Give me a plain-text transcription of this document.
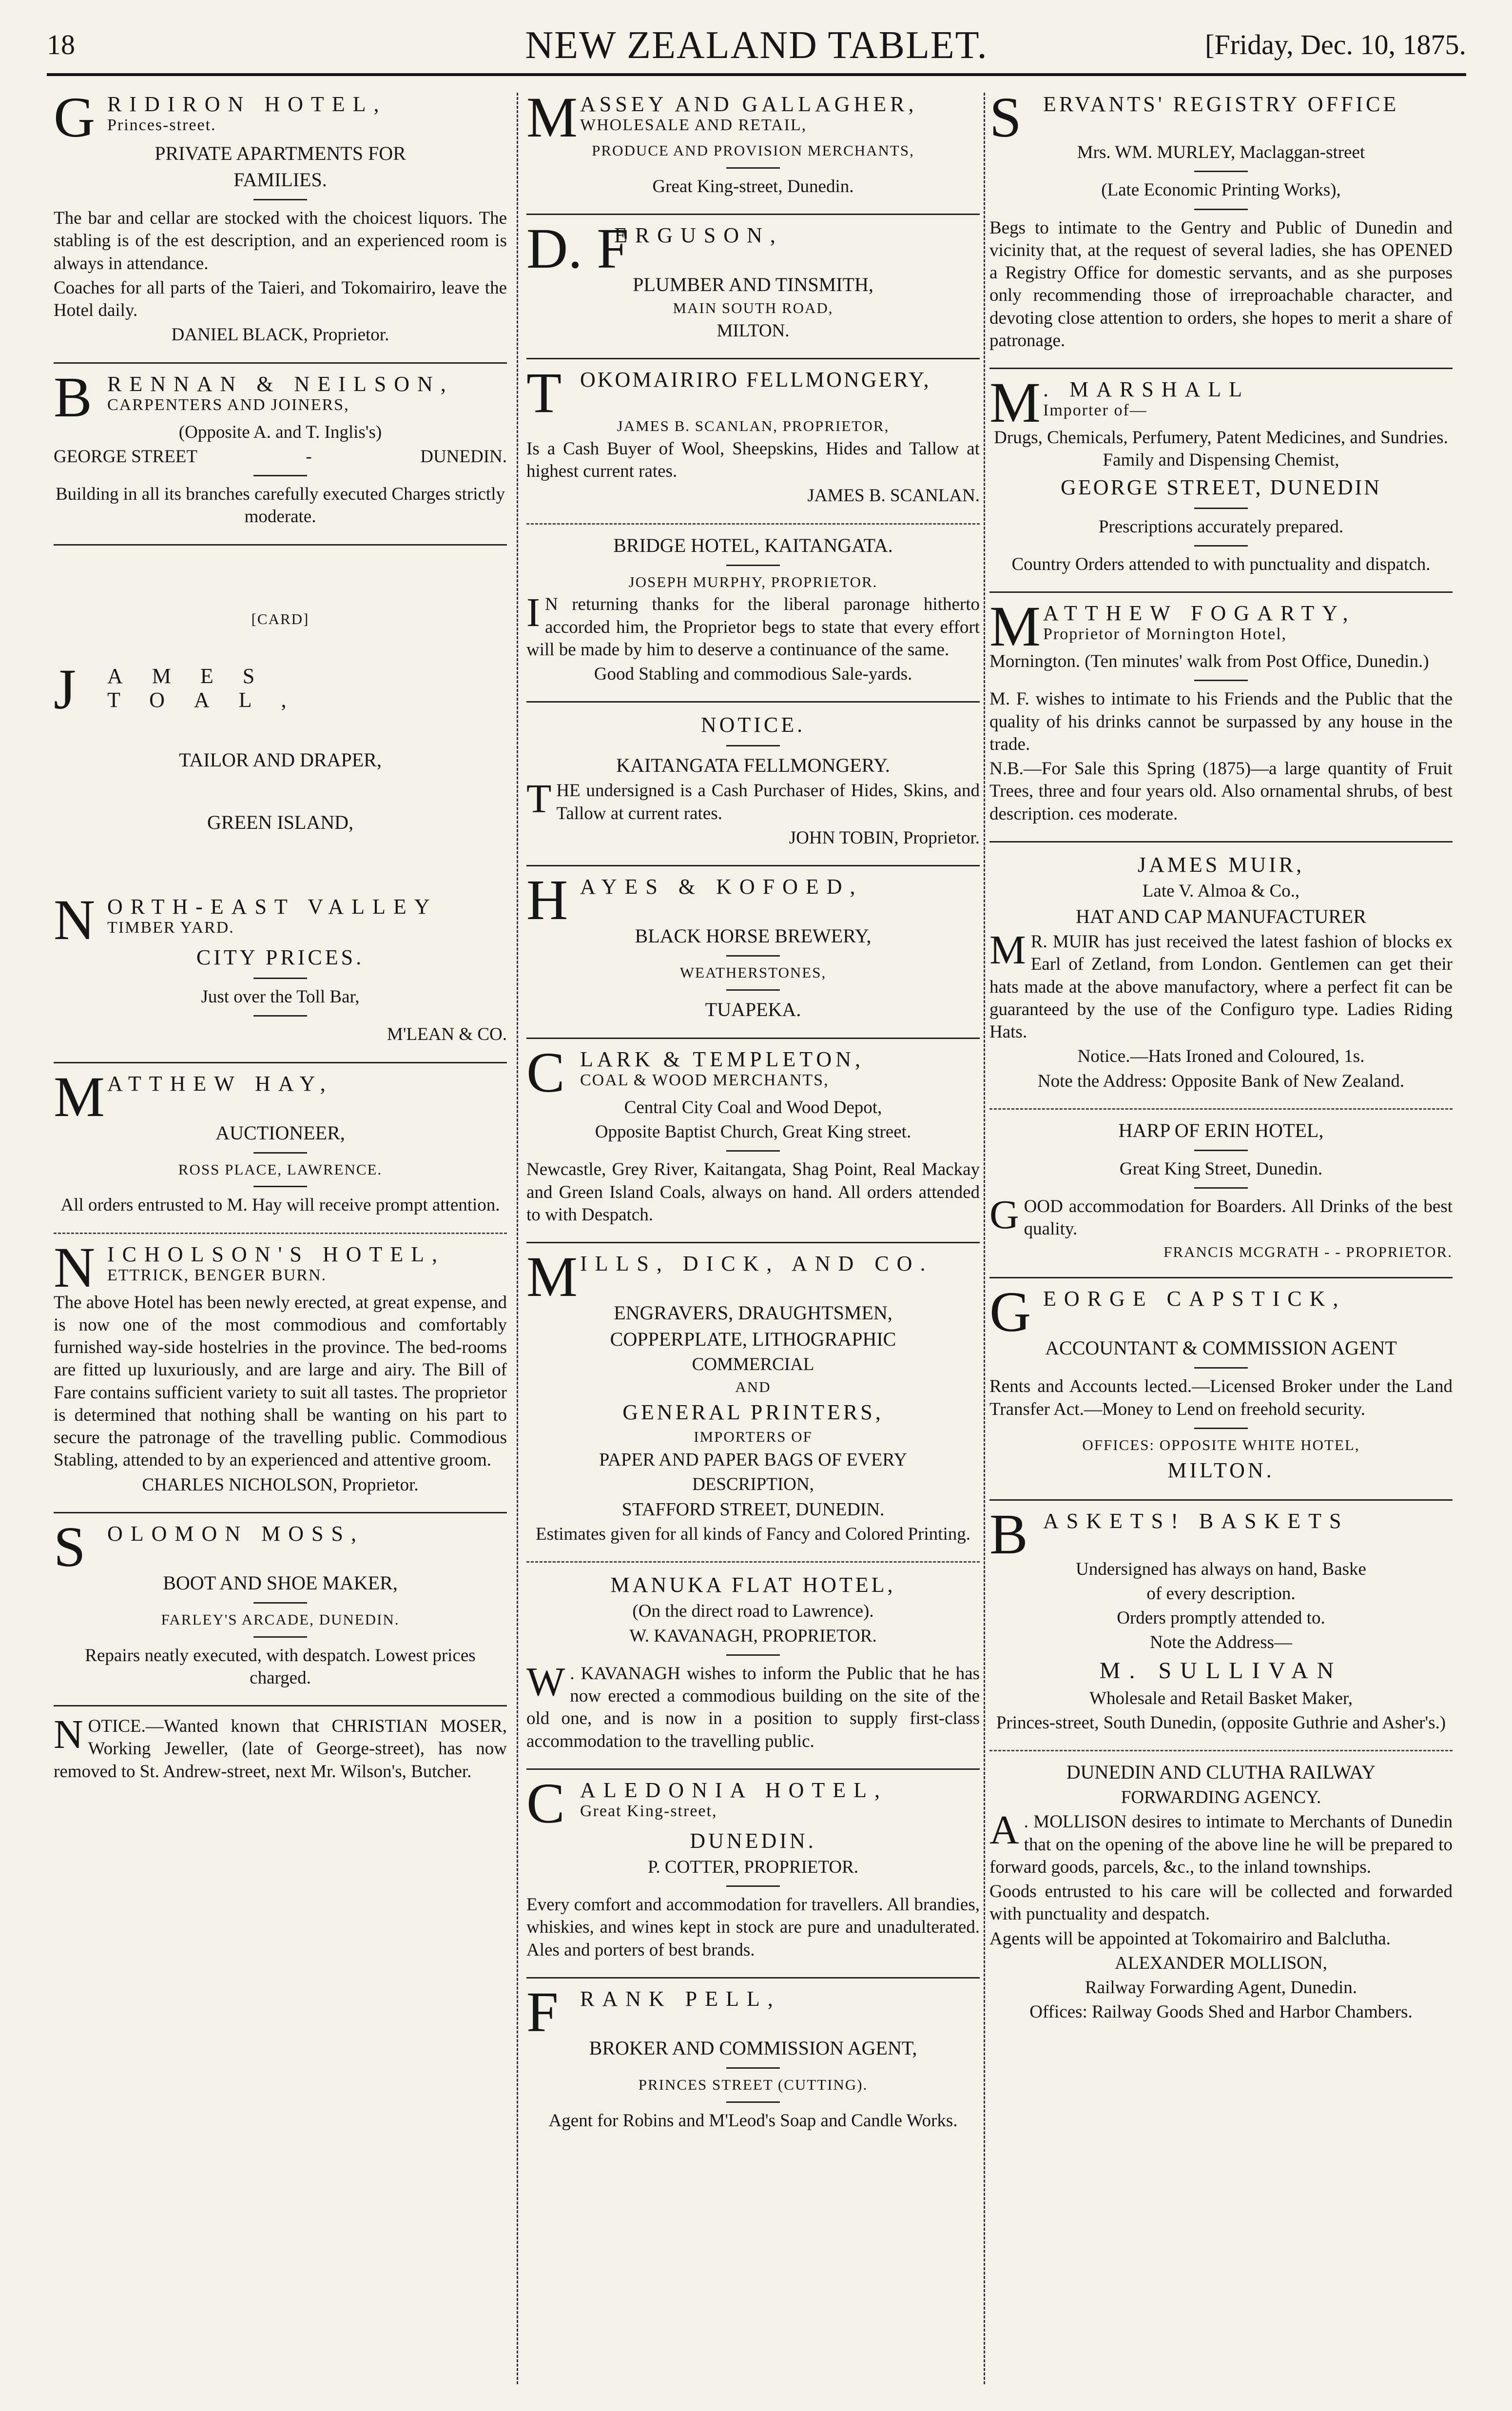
18	NEW ZEALAND TABLET.	[Friday, Dec. 10, 1875.
G RIDIRON HOTEL,
Princes-street.
PRIVATE APARTMENTS FOR
FAMILIES.
The bar and cellar are stocked with the choicest liquors. The stabling is of the est description, and an experienced room is always in attendance.
Coaches for all parts of the Taieri, and Tokomairiro, leave the Hotel daily.
DANIEL BLACK, Proprietor.
B RENNAN & NEILSON,
CARPENTERS AND JOINERS,
(Opposite A. and T. Inglis's)
GEORGE STREET	-	DUNEDIN.
Building in all its branches carefully executed Charges strictly moderate.
[CARD]
J AMES TOAL,
TAILOR AND DRAPER,
GREEN ISLAND,
N ORTH-EAST VALLEY
TIMBER YARD.
CITY PRICES.
Just over the Toll Bar,
M'LEAN & CO.
M ATTHEW HAY,
AUCTIONEER,
ROSS PLACE, LAWRENCE.
All orders entrusted to M. Hay will receive prompt attention.
N ICHOLSON'S HOTEL,
ETTRICK, BENGER BURN.
The above Hotel has been newly erected, at great expense, and is now one of the most commodious and comfortably furnished way-side hostelries in the province. The bed-rooms are fitted up luxuriously, and are large and airy. The Bill of Fare contains sufficient variety to suit all tastes. The proprietor is determined that nothing shall be wanting on his part to secure the patronage of the travelling public. Commodious Stabling, attended to by an experienced and attentive groom.
CHARLES NICHOLSON, Proprietor.
S OLOMON MOSS,
BOOT AND SHOE MAKER,
FARLEY'S ARCADE, DUNEDIN.
Repairs neatly executed, with despatch. Lowest prices charged.
NOTICE.—Wanted known that CHRISTIAN MOSER, Working Jeweller, (late of George-street), has now removed to St. Andrew-street, next Mr. Wilson's, Butcher.
M ASSEY AND GALLAGHER,
WHOLESALE AND RETAIL,
PRODUCE AND PROVISION MERCHANTS,
Great King-street, Dunedin.
D. F
ERGUSON,
PLUMBER AND TINSMITH,
MAIN SOUTH ROAD,
MILTON.
T OKOMAIRIRO FELLMONGERY,
JAMES B. SCANLAN, PROPRIETOR,
Is a Cash Buyer of Wool, Sheepskins, Hides and Tallow at highest current rates.
JAMES B. SCANLAN.
BRIDGE HOTEL, KAITANGATA.
JOSEPH MURPHY, PROPRIETOR.
I N returning thanks for the liberal paronage hitherto accorded him, the Proprietor begs to state that every effort will be made by him to deserve a continuance of the same.
Good Stabling and commodious Sale-yards.
NOTICE.
KAITANGATA FELLMONGERY.
THE undersigned is a Cash Purchaser of Hides, Skins, and Tallow at current rates.
JOHN TOBIN, Proprietor.
H AYES & KOFOED,
BLACK HORSE BREWERY,
WEATHERSTONES,
TUAPEKA.
C LARK & TEMPLETON,
COAL & WOOD MERCHANTS,
Central City Coal and Wood Depot,
Opposite Baptist Church, Great King street.
Newcastle, Grey River, Kaitangata, Shag Point, Real Mackay and Green Island Coals, always on hand. All orders attended to with Despatch.
M ILLS, DICK, AND CO.
ENGRAVERS, DRAUGHTSMEN,
COPPERPLATE, LITHOGRAPHIC
COMMERCIAL
AND
GENERAL PRINTERS,
IMPORTERS OF
PAPER AND PAPER BAGS OF EVERY
DESCRIPTION,
STAFFORD STREET, DUNEDIN.
Estimates given for all kinds of Fancy and Colored Printing.
MANUKA FLAT HOTEL,
(On the direct road to Lawrence).
W. KAVANAGH, PROPRIETOR.
W . KAVANAGH wishes to inform the Public that he has now erected a commodious building on the site of the old one, and is now in a position to supply first-class accommodation to the travelling public.
C ALEDONIA HOTEL,
Great King-street,
DUNEDIN.
P. COTTER, PROPRIETOR.
Every comfort and accommodation for travellers. All brandies, whiskies, and wines kept in stock are pure and unadulterated. Ales and porters of best brands.
F RANK PELL,
BROKER AND COMMISSION AGENT,
PRINCES STREET (CUTTING).
Agent for Robins and M'Leod's Soap and Candle Works.
S ERVANTS' REGISTRY OFFICE
Mrs. WM. MURLEY, Maclaggan-street
(Late Economic Printing Works),
Begs to intimate to the Gentry and Public of Dunedin and vicinity that, at the request of several ladies, she has OPENED a Registry Office for domestic servants, and as she purposes only recommending those of irreproachable character, and devoting close attention to orders, she hopes to merit a share of patronage.
M . MARSHALL
Importer of—
Drugs, Chemicals, Perfumery, Patent Medicines, and Sundries. Family and Dispensing Chemist,
GEORGE STREET, DUNEDIN
Prescriptions accurately prepared.
Country Orders attended to with punctuality and dispatch.
M ATTHEW FOGARTY,
Proprietor of Mornington Hotel,
Mornington. (Ten minutes' walk from Post Office, Dunedin.)
M. F. wishes to intimate to his Friends and the Public that the quality of his drinks cannot be surpassed by any house in the trade.
N.B.—For Sale this Spring (1875)—a large quantity of Fruit Trees, three and four years old. Also ornamental shrubs, of best description. ces moderate.
JAMES MUIR,
Late V. Almoa & Co.,
HAT AND CAP MANUFACTURER
M R. MUIR has just received the latest fashion of blocks ex Earl of Zetland, from London. Gentlemen can get their hats made at the above manufactory, where a perfect fit can be guaranteed by the use of the Configuro type. Ladies Riding Hats.
Notice.—Hats Ironed and Coloured, 1s.
Note the Address: Opposite Bank of New Zealand.
HARP OF ERIN HOTEL,
Great King Street, Dunedin.
GOOD accommodation for Boarders. All Drinks of the best quality.
FRANCIS MCGRATH - - PROPRIETOR.
G EORGE CAPSTICK,
ACCOUNTANT & COMMISSION AGENT
Rents and Accounts lected.—Licensed Broker under the Land Transfer Act.—Money to Lend on freehold security.
OFFICES: OPPOSITE WHITE HOTEL,
MILTON.
B ASKETS! BASKETS
Undersigned has always on hand, Baske
of every description.
Orders promptly attended to.
Note the Address—
M. SULLIVAN
Wholesale and Retail Basket Maker,
Princes-street, South Dunedin, (opposite Guthrie and Asher's.)
DUNEDIN AND CLUTHA RAILWAY
FORWARDING AGENCY.
A . MOLLISON desires to intimate to Merchants of Dunedin that on the opening of the above line he will be prepared to forward goods, parcels, &c., to the inland townships.
Goods entrusted to his care will be collected and forwarded with punctuality and despatch.
Agents will be appointed at Tokomairiro and Balclutha.
ALEXANDER MOLLISON,
Railway Forwarding Agent, Dunedin.
Offices: Railway Goods Shed and Harbor Chambers.
